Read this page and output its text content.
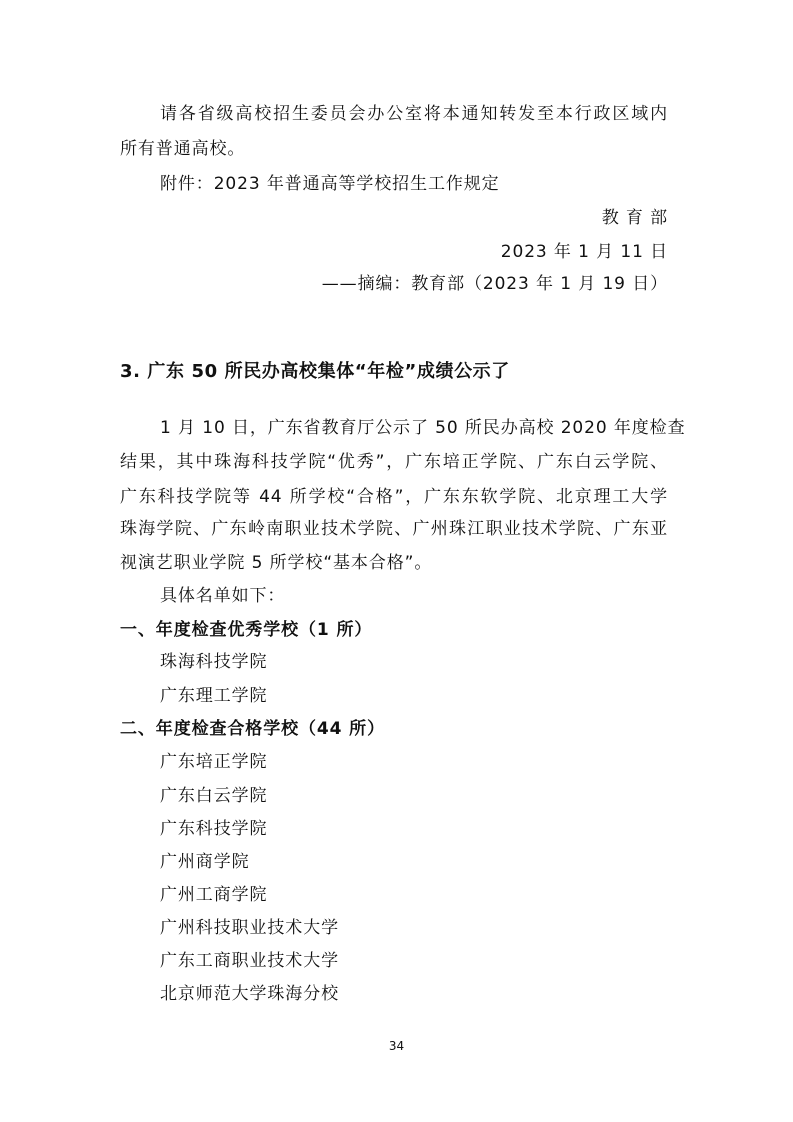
请各省级高校招生委员会办公室将本通知转发至本行政区域内
所有普通高校。
附件：2023 年普通高等学校招生工作规定
教 育 部
2023 年 1 月 11 日
——摘编：教育部（2023 年 1 月 19 日）
3. 广东 50 所民办高校集体“年检”成绩公示了
1 月 10 日，广东省教育厅公示了 50 所民办高校 2020 年度检查
结果，其中珠海科技学院“优秀”，广东培正学院、广东白云学院、
广东科技学院等 44 所学校“合格”，广东东软学院、北京理工大学
珠海学院、广东岭南职业技术学院、广州珠江职业技术学院、广东亚
视演艺职业学院 5 所学校“基本合格”。
具体名单如下：
一、年度检查优秀学校（1 所）
珠海科技学院
广东理工学院
二、年度检查合格学校（44 所）
广东培正学院
广东白云学院
广东科技学院
广州商学院
广州工商学院
广州科技职业技术大学
广东工商职业技术大学
北京师范大学珠海分校
34
